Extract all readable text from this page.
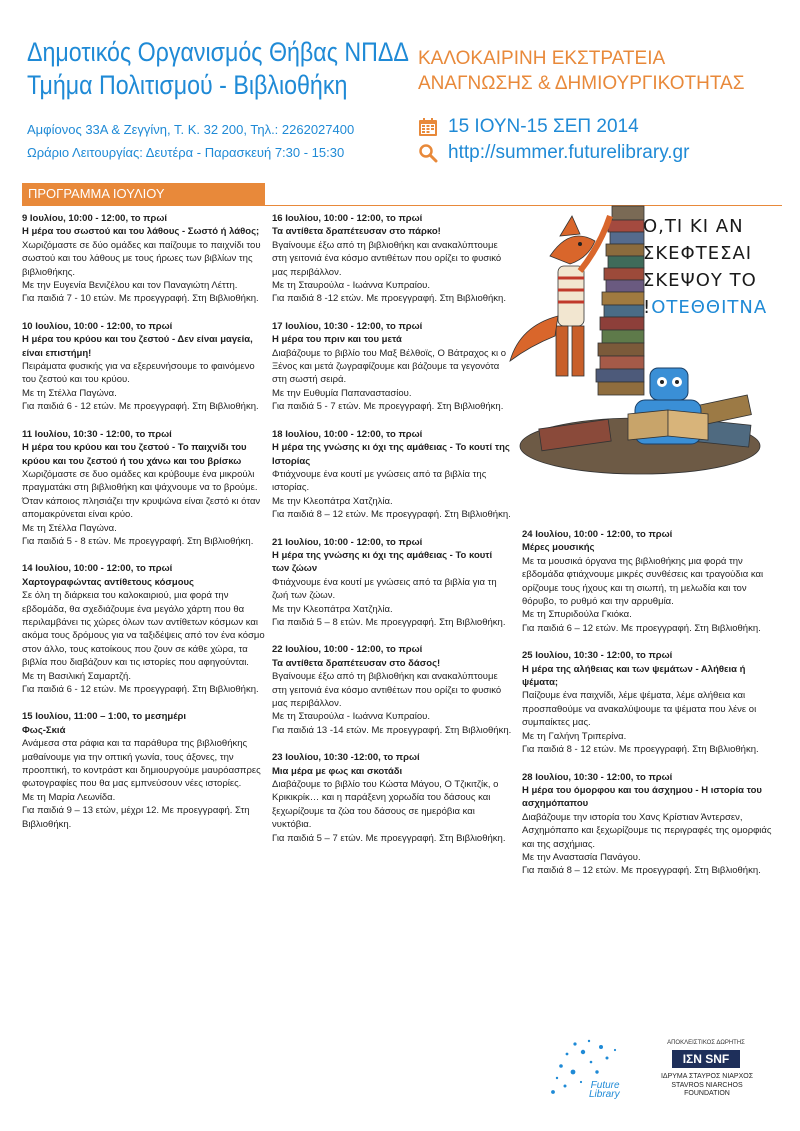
Δημοτικός Οργανισμός Θήβας ΝΠΔΔ
Τμήμα Πολιτισμού - Βιβλιοθήκη
Αμφίονος 33Α & Ζεγγίνη, Τ. Κ. 32 200, Τηλ.: 2262027400
Ωράριο Λειτουργίας: Δευτέρα - Παρασκευή 7:30 - 15:30
ΚΑΛΟΚΑΙΡΙΝΗ ΕΚΣΤΡΑΤΕΙΑ
ΑΝΑΓΝΩΣΗΣ & ΔΗΜΙΟΥΡΓΙΚΟΤΗΤΑΣ
15 ΙΟΥΝ-15 ΣΕΠ 2014
http://summer.futurelibrary.gr
ΠΡΟΓΡΑΜΜΑ ΙΟΥΛΙΟΥ
Ο,ΤΙ ΚΙ ΑΝ
ΣΚΕΦΤΕΣΑΙ
ΣΚΕΨΟΥ ΤΟ
!ΟΤΕΘΘΙΤΝΑ
9 Ιουλίου, 10:00 - 12:00, το πρωί
Η μέρα του σωστού και του λάθους - Σωστό ή λάθος;
Χωριζόμαστε σε δύο ομάδες και παίζουμε το παιχνίδι του σωστού και του λάθους με τους ήρωες των βιβλίων της βιβλιοθήκης.
Με την Ευγενία Βενιζέλου και τον Παναγιώτη Λέττη.
Για παιδιά 7 - 10 ετών. Με προεγγραφή. Στη Βιβλιοθήκη.
10 Ιουλίου, 10:00 - 12:00, το πρωί
Η μέρα του κρύου και του ζεστού - Δεν είναι μαγεία, είναι επιστήμη!
Πειράματα φυσικής για να εξερευνήσουμε το φαινόμενο του ζεστού και του κρύου.
Με τη Στέλλα Παγώνα.
Για παιδιά 6 - 12 ετών. Με προεγγραφή. Στη Βιβλιοθήκη.
11 Ιουλίου, 10:30 - 12:00, το πρωί
Η μέρα του κρύου και του ζεστού - Το παιχνίδι του κρύου και του ζεστού ή του χάνω και του βρίσκω
Χωριζόμαστε σε δυο ομάδες και κρύβουμε ένα μικρούλι πραγματάκι στη βιβλιοθήκη και ψάχνουμε να το βρούμε. Όταν κάποιος πλησιάζει την κρυψώνα είναι ζεστό κι όταν απομακρύνεται είναι κρύο.
Με τη Στέλλα Παγώνα.
Για παιδιά 5 - 8 ετών. Με προεγγραφή. Στη Βιβλιοθήκη.
14 Ιουλίου, 10:00 - 12:00, το πρωί
Χαρτογραφώντας αντίθετους κόσμους
Σε όλη τη διάρκεια του καλοκαιριού, μια φορά την εβδομάδα, θα σχεδιάζουμε ένα μεγάλο χάρτη που θα περιλαμβάνει τις χώρες όλων των αντίθετων κόσμων και ακόμα τους δρόμους για να ταξιδέψεις από τον ένα κόσμο στον άλλο, τους κατοίκους που ζουν σε κάθε χώρα, τα βιβλία που διαβάζουν και τις ιστορίες που αφηγούνται.
Με τη Βασιλική Σαμαρτζή.
Για παιδιά 6 - 12 ετών. Με προεγγραφή. Στη Βιβλιοθήκη.
15 Ιουλίου, 11:00 – 1:00, το μεσημέρι
Φως-Σκιά
Ανάμεσα στα ράφια και τα παράθυρα της βιβλιοθήκης μαθαίνουμε για την οπτική γωνία, τους άξονες, την προοπτική, το κοντράστ και δημιουργούμε μαυρόασπρες φωτογραφίες που θα μας εμπνεύσουν νέες ιστορίες.
Με τη Μαρία Λεωνίδα.
Για παιδιά 9 – 13 ετών, μέχρι 12. Με προεγγραφή. Στη Βιβλιοθήκη.
16 Ιουλίου, 10:00 - 12:00, το πρωί
Τα αντίθετα δραπέτευσαν στο πάρκο!
Βγαίνουμε έξω από τη βιβλιοθήκη και ανακαλύπτουμε στη γειτονιά ένα κόσμο αντιθέτων που ορίζει το φυσικό μας περιβάλλον.
Με τη Σταυρούλα - Ιωάννα Κυπραίου.
Για παιδιά 8 -12 ετών. Με προεγγραφή. Στη Βιβλιοθήκη.
17 Ιουλίου, 10:30 - 12:00, το πρωί
Η μέρα του πριν και του μετά
Διαβάζουμε το βιβλίο του Μαξ Βέλθοϊς, Ο Βάτραχος κι ο Ξένος και μετά ζωγραφίζουμε και βάζουμε τα γεγονότα στη σωστή σειρά.
Με την Ευθυμία Παπαναστασίου.
Για παιδιά 5 - 7 ετών. Με προεγγραφή. Στη Βιβλιοθήκη.
18 Ιουλίου, 10:00 - 12:00, το πρωί
Η μέρα της γνώσης κι όχι της αμάθειας - Το κουτί της Ιστορίας
Φτιάχνουμε ένα κουτί με γνώσεις από τα βιβλία της ιστορίας.
Με την Κλεοπάτρα Χατζηλία.
Για παιδιά 8 – 12 ετών. Με προεγγραφή. Στη Βιβλιοθήκη.
21 Ιουλίου, 10:00 - 12:00, το πρωί
Η μέρα της γνώσης κι όχι της αμάθειας - Το κουτί των ζώων
Φτιάχνουμε ένα κουτί με γνώσεις από τα βιβλία για τη ζωή των ζώων.
Με την Κλεοπάτρα Χατζηλία.
Για παιδιά 5 – 8 ετών. Με προεγγραφή. Στη Βιβλιοθήκη.
22 Ιουλίου, 10:00 - 12:00, το πρωί
Τα αντίθετα δραπέτευσαν στο δάσος!
Βγαίνουμε έξω από τη βιβλιοθήκη και ανακαλύπτουμε στη γειτονιά ένα κόσμο αντιθέτων που ορίζει το φυσικό μας περιβάλλον.
Με τη Σταυρούλα - Ιωάννα Κυπραίου.
Για παιδιά 13 -14 ετών. Με προεγγραφή. Στη Βιβλιοθήκη.
23 Ιουλίου, 10:30 -12:00, το πρωί
Μια μέρα με φως και σκοτάδι
Διαβάζουμε το βιβλίο του Κώστα Μάγου, Ο Τζικιτζίκ, ο Κρικικρίκ… και η παράξενη χορωδία του δάσους και ξεχωρίζουμε τα ζώα του δάσους σε ημερόβια και νυκτόβια.
Για παιδιά 5 – 7 ετών. Με προεγγραφή. Στη Βιβλιοθήκη.
24 Ιουλίου, 10:00 - 12:00, το πρωί
Μέρες μουσικής
Με τα μουσικά όργανα της βιβλιοθήκης μια φορά την εβδομάδα φτιάχνουμε μικρές συνθέσεις και τραγούδια και ορίζουμε τους ήχους και τη σιωπή, τη μελωδία και τον θόρυβο, το ρυθμό και την αρρυθμία.
Με τη Σπυριδούλα Γκιόκα.
Για παιδιά 6 – 12 ετών. Με προεγγραφή. Στη Βιβλιοθήκη.
25 Ιουλίου, 10:30 - 12:00, το πρωί
Η μέρα της αλήθειας και των ψεμάτων - Αλήθεια ή ψέματα;
Παίζουμε ένα παιχνίδι, λέμε ψέματα, λέμε αλήθεια και προσπαθούμε να ανακαλύψουμε τα ψέματα που λένε οι συμπαίκτες μας.
Με τη Γαλήνη Τριπερίνα.
Για παιδιά 8 - 12 ετών. Με προεγγραφή. Στη Βιβλιοθήκη.
28 Ιουλίου, 10:30 - 12:00, το πρωί
Η μέρα του όμορφου και του άσχημου - Η ιστορία του ασχημόπαπου
Διαβάζουμε την ιστορία του Χανς Κρίστιαν Άντερσεν, Ασχημόπαπο και ξεχωρίζουμε τις περιγραφές της ομορφιάς και της ασχήμιας.
Με την Αναστασία Πανάγου.
Για παιδιά 8 – 12 ετών. Με προεγγραφή. Στη Βιβλιοθήκη.
Future
Library
ΑΠΟΚΛΕΙΣΤΙΚΟΣ ΔΩΡΗΤΗΣ
ΙΣΝ SNF
ΙΔΡΥΜΑ ΣΤΑΥΡΟΣ ΝΙΑΡΧΟΣ
STAVROS NIARCHOS
FOUNDATION
